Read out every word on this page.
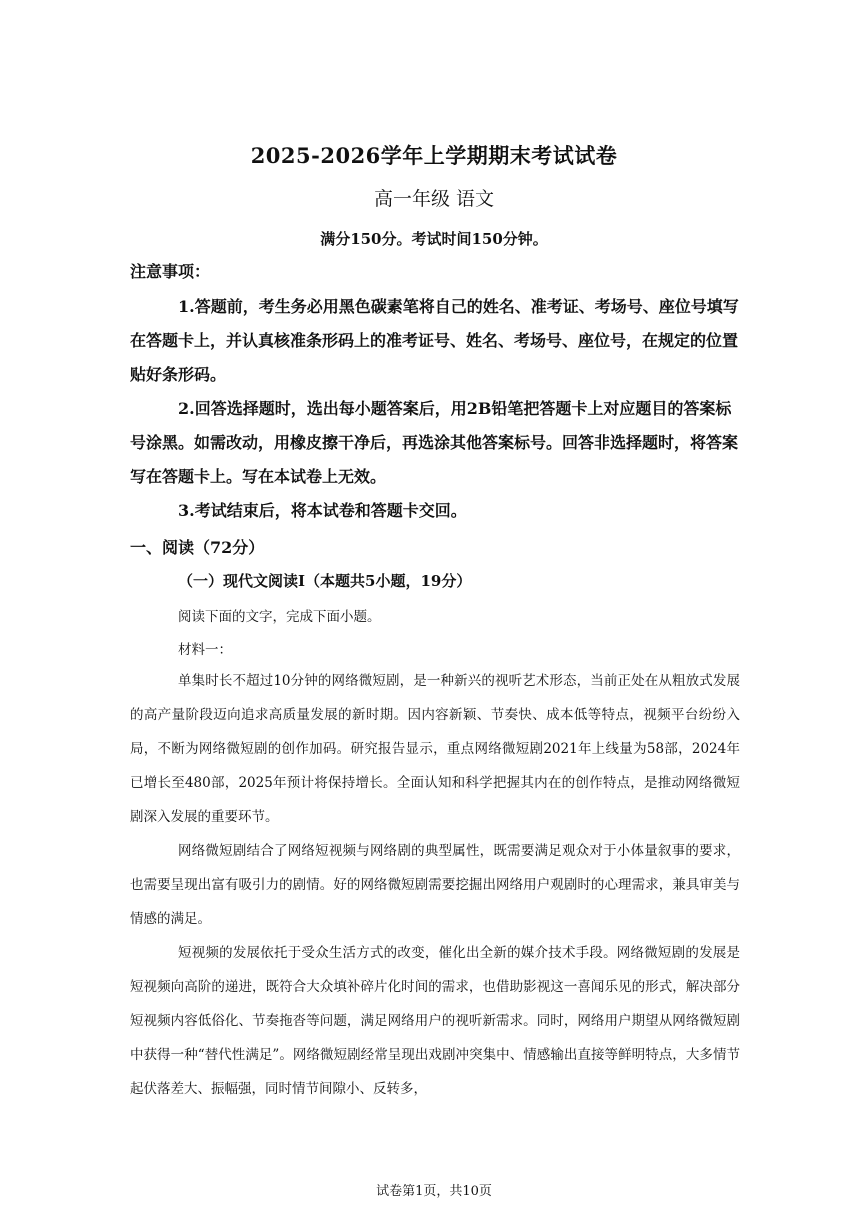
2025-2026学年上学期期末考试试卷
高一年级 语文
满分150分。考试时间150分钟。
注意事项：
1.答题前，考生务必用黑色碳素笔将自己的姓名、准考证、考场号、座位号填写在答题卡上，并认真核准条形码上的准考证号、姓名、考场号、座位号，在规定的位置贴好条形码。
2.回答选择题时，选出每小题答案后，用2B铅笔把答题卡上对应题目的答案标号涂黑。如需改动，用橡皮擦干净后，再选涂其他答案标号。回答非选择题时，将答案写在答题卡上。写在本试卷上无效。
3.考试结束后，将本试卷和答题卡交回。
一、阅读（72分）
（一）现代文阅读I（本题共5小题，19分）
阅读下面的文字，完成下面小题。
材料一：
单集时长不超过10分钟的网络微短剧，是一种新兴的视听艺术形态，当前正处在从粗放式发展的高产量阶段迈向追求高质量发展的新时期。因内容新颖、节奏快、成本低等特点，视频平台纷纷入局，不断为网络微短剧的创作加码。研究报告显示，重点网络微短剧2021年上线量为58部，2024年已增长至480部，2025年预计将保持增长。全面认知和科学把握其内在的创作特点，是推动网络微短剧深入发展的重要环节。
网络微短剧结合了网络短视频与网络剧的典型属性，既需要满足观众对于小体量叙事的要求，也需要呈现出富有吸引力的剧情。好的网络微短剧需要挖掘出网络用户观剧时的心理需求，兼具审美与情感的满足。
短视频的发展依托于受众生活方式的改变，催化出全新的媒介技术手段。网络微短剧的发展是短视频向高阶的递进，既符合大众填补碎片化时间的需求，也借助影视这一喜闻乐见的形式，解决部分短视频内容低俗化、节奏拖沓等问题，满足网络用户的视听新需求。同时，网络用户期望从网络微短剧中获得一种“替代性满足”。网络微短剧经常呈现出戏剧冲突集中、情感输出直接等鲜明特点，大多情节起伏落差大、振幅强，同时情节间隙小、反转多，
试卷第1页，共10页
